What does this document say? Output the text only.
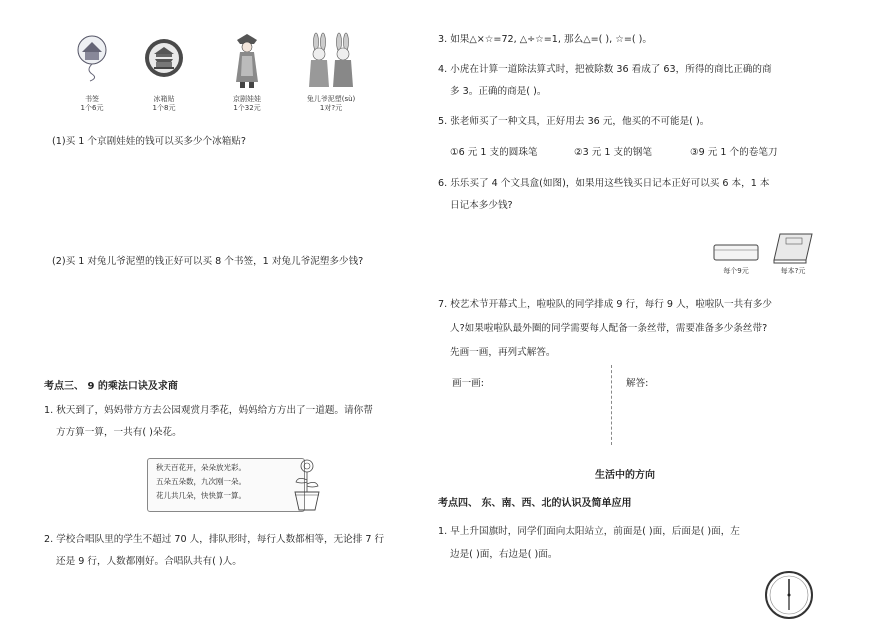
书签
1个6元
冰箱贴
1个8元
京剧娃娃
1个32元
兔儿爷泥塑(sù)
1对?元
(1)买 1 个京剧娃娃的钱可以买多少个冰箱贴?
(2)买 1 对兔儿爷泥塑的钱正好可以买 8 个书签，1 对兔儿爷泥塑多少钱?
考点三、 9 的乘法口诀及求商
1. 秋天到了，妈妈带方方去公园观赏月季花，妈妈给方方出了一道题。请你帮
方方算一算，一共有( )朵花。
秋天百花开，朵朵放光彩。
五朵五朵数，九次刚一朵。
花儿共几朵，快快算一算。
2. 学校合唱队里的学生不超过 70 人，排队形时，每行人数都相等，无论排 7 行
还是 9 行，人数都刚好。合唱队共有( )人。
3. 如果△×☆=72, △÷☆=1, 那么△=( ), ☆=( )。
4. 小虎在计算一道除法算式时，把被除数 36 看成了 63，所得的商比正确的商
多 3。正确的商是( )。
5. 张老师买了一种文具，正好用去 36 元，他买的不可能是( )。
①6 元 1 支的圆珠笔	②3 元 1 支的钢笔	③9 元 1 个的卷笔刀
6. 乐乐买了 4 个文具盒(如图)，如果用这些钱买日记本正好可以买 6 本，1 本
日记本多少钱?
每个9元	每本?元
7. 校艺术节开幕式上，啦啦队的同学排成 9 行，每行 9 人，啦啦队一共有多少
人?如果啦啦队最外圈的同学需要每人配备一条丝带，需要准备多少条丝带?
先画一画，再列式解答。
画一画:	解答:
生活中的方向
考点四、 东、南、西、北的认识及简单应用
1. 早上升国旗时，同学们面向太阳站立，前面是( )面，后面是( )面，左
边是( )面，右边是( )面。
